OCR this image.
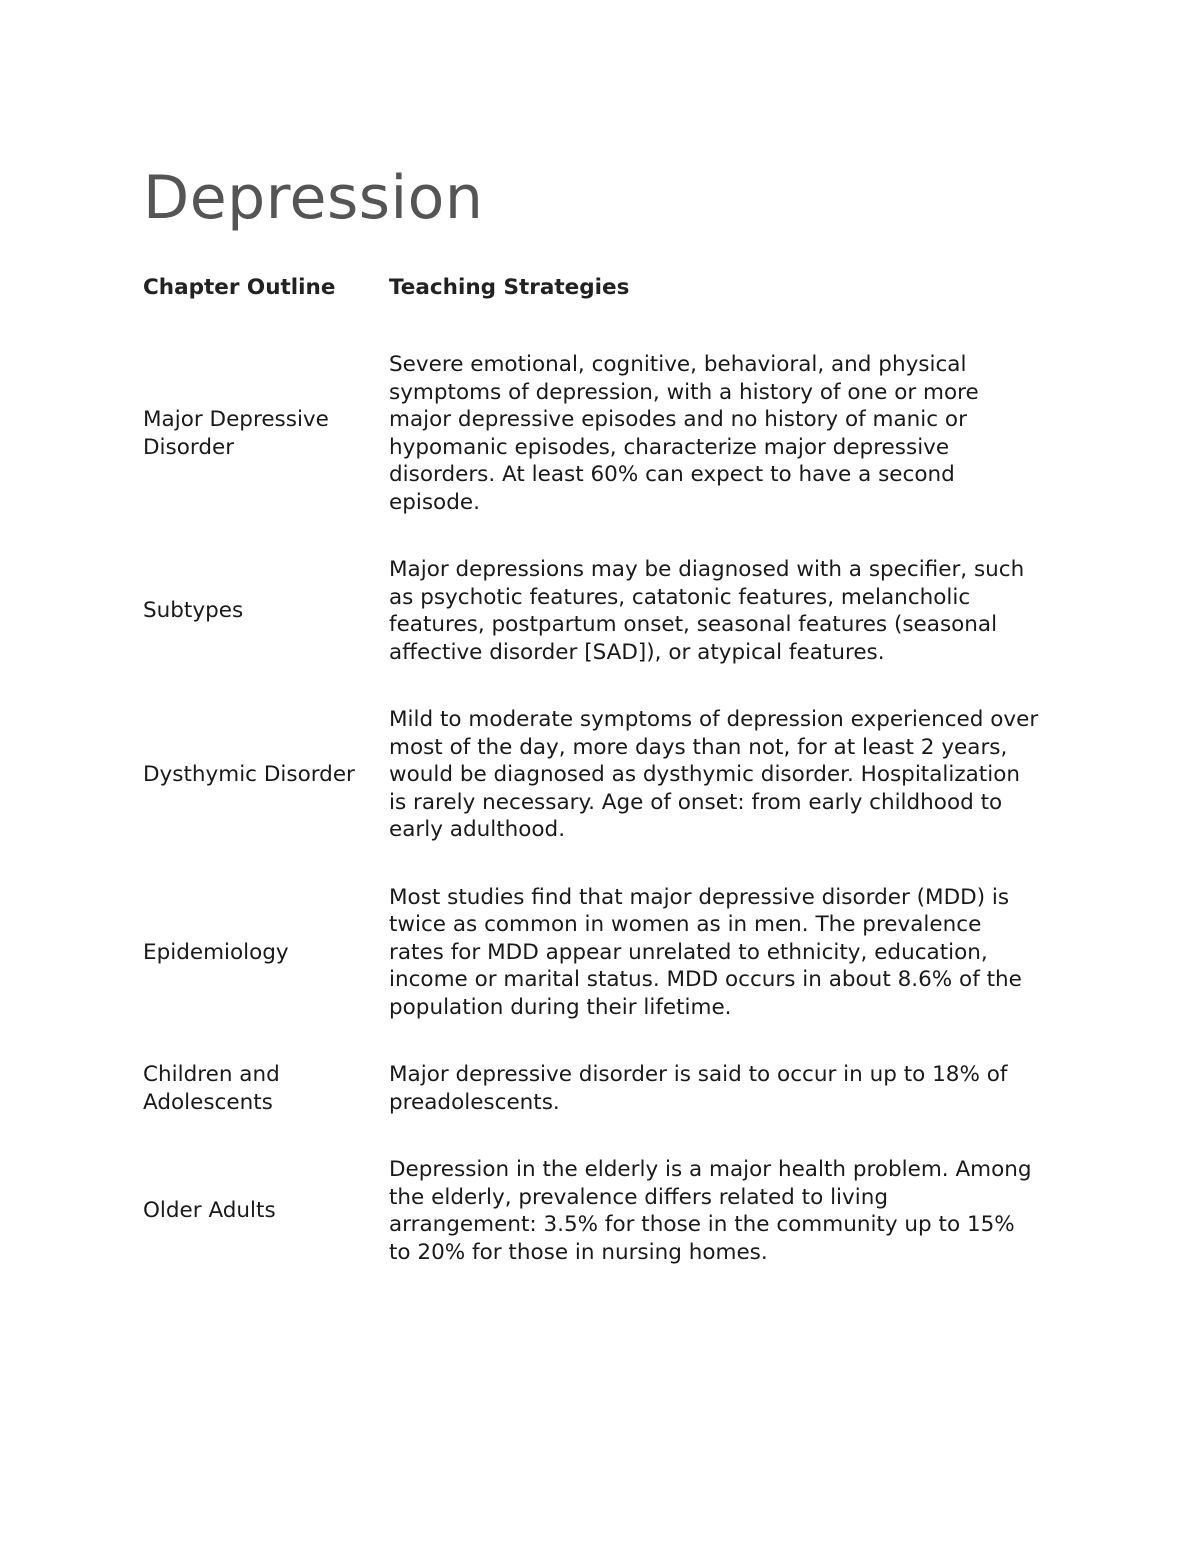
Depression
Chapter Outline	Teaching Strategies
Major Depressive Disorder
Severe emotional, cognitive, behavioral, and physical symptoms of depression, with a history of one or more major depressive episodes and no history of manic or hypomanic episodes, characterize major depressive disorders. At least 60% can expect to have a second episode.
Subtypes
Major depressions may be diagnosed with a specifier, such as psychotic features, catatonic features, melancholic features, postpartum onset, seasonal features (seasonal affective disorder [SAD]), or atypical features.
Dysthymic Disorder
Mild to moderate symptoms of depression experienced over most of the day, more days than not, for at least 2 years, would be diagnosed as dysthymic disorder. Hospitalization is rarely necessary. Age of onset: from early childhood to early adulthood.
Epidemiology
Most studies find that major depressive disorder (MDD) is twice as common in women as in men. The prevalence rates for MDD appear unrelated to ethnicity, education, income or marital status. MDD occurs in about 8.6% of the population during their lifetime.
Children and Adolescents
Major depressive disorder is said to occur in up to 18% of preadolescents.
Older Adults
Depression in the elderly is a major health problem. Among the elderly, prevalence differs related to living arrangement: 3.5% for those in the community up to 15% to 20% for those in nursing homes.
